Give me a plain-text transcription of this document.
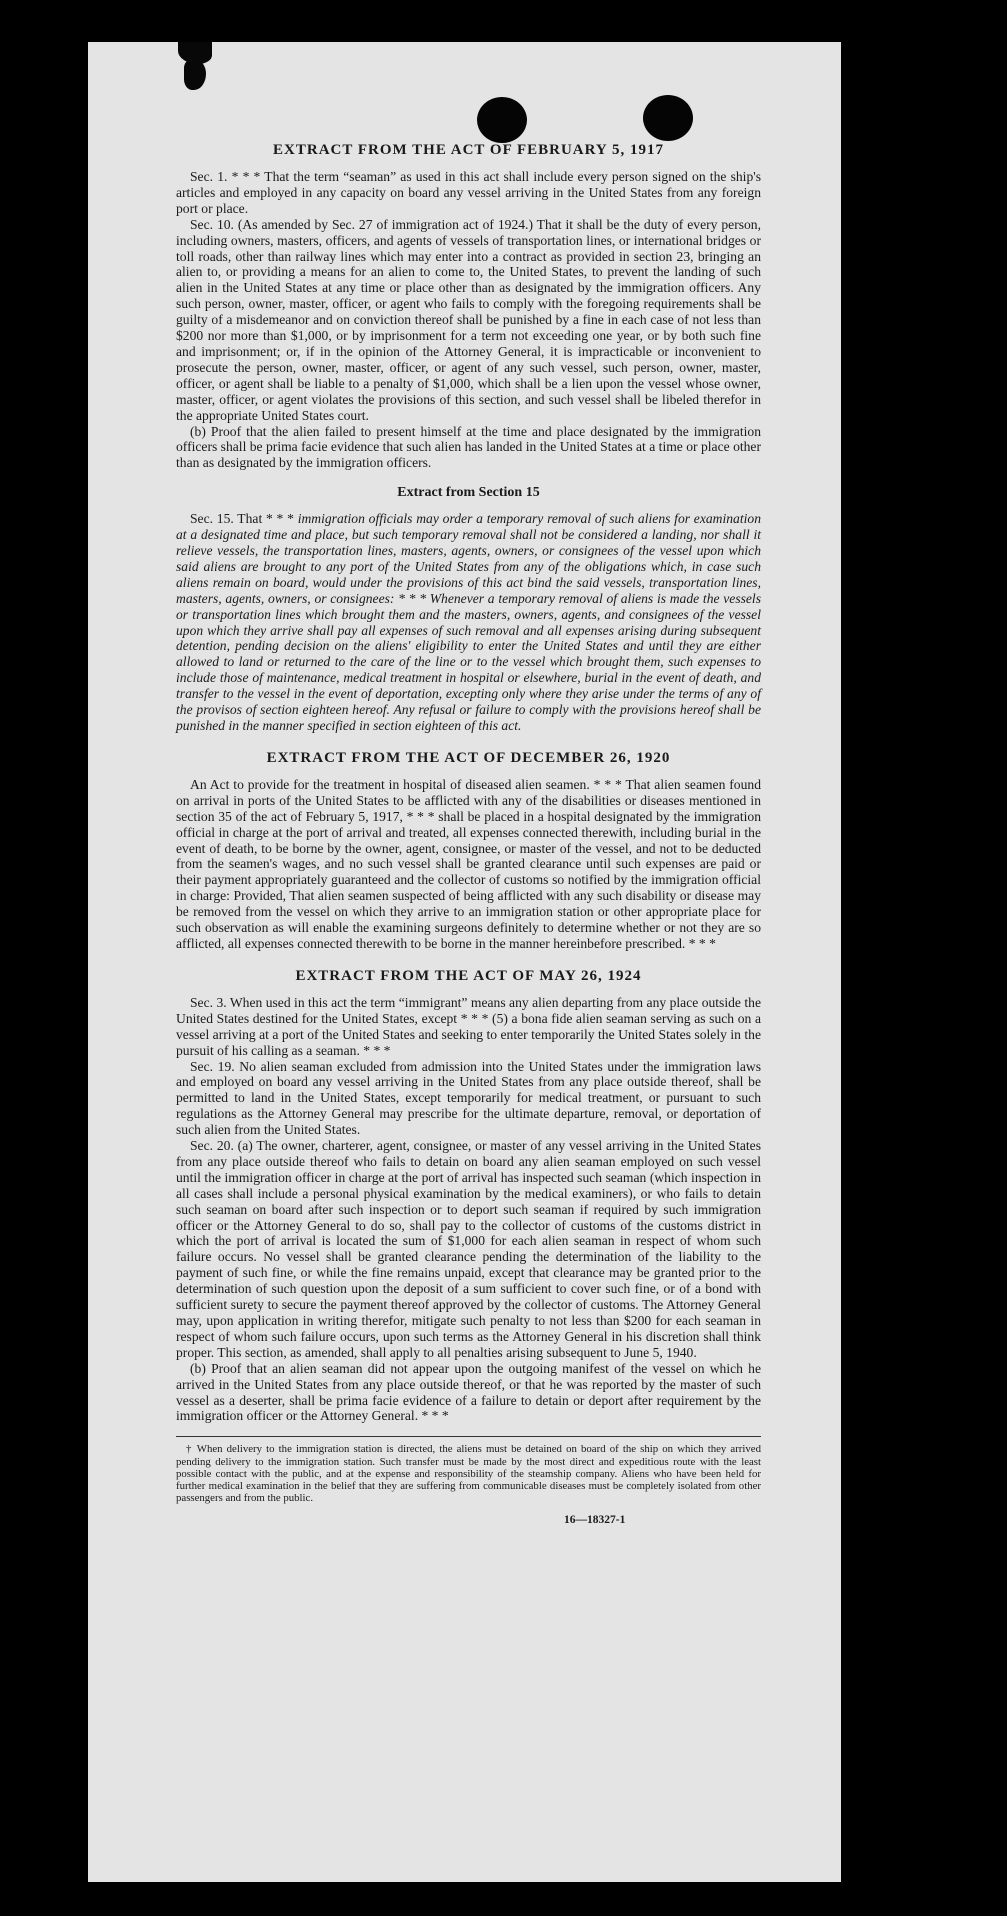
EXTRACT FROM THE ACT OF FEBRUARY 5, 1917

Sec. 1. * * * That the term “seaman” as used in this act shall include every person signed on the ship's articles and employed in any capacity on board any vessel arriving in the United States from any foreign port or place.

Sec. 10. (As amended by Sec. 27 of immigration act of 1924.) That it shall be the duty of every person, including owners, masters, officers, and agents of vessels of transportation lines, or international bridges or toll roads, other than railway lines which may enter into a contract as provided in section 23, bringing an alien to, or providing a means for an alien to come to, the United States, to prevent the landing of such alien in the United States at any time or place other than as designated by the immigration officers. Any such person, owner, master, officer, or agent who fails to comply with the foregoing requirements shall be guilty of a misdemeanor and on conviction thereof shall be punished by a fine in each case of not less than $200 nor more than $1,000, or by imprisonment for a term not exceeding one year, or by both such fine and imprisonment; or, if in the opinion of the Attorney General, it is impracticable or inconvenient to prosecute the person, owner, master, officer, or agent of any such vessel, such person, owner, master, officer, or agent shall be liable to a penalty of $1,000, which shall be a lien upon the vessel whose owner, master, officer, or agent violates the provisions of this section, and such vessel shall be libeled therefor in the appropriate United States court.

(b) Proof that the alien failed to present himself at the time and place designated by the immigration officers shall be prima facie evidence that such alien has landed in the United States at a time or place other than as designated by the immigration officers.

Extract from Section 15

Sec. 15. That * * * immigration officials may order a temporary removal of such aliens for examination at a designated time and place, but such temporary removal shall not be considered a landing, nor shall it relieve vessels, the transportation lines, masters, agents, owners, or consignees of the vessel upon which said aliens are brought to any port of the United States from any of the obligations which, in case such aliens remain on board, would under the provisions of this act bind the said vessels, transportation lines, masters, agents, owners, or consignees: * * * Whenever a temporary removal of aliens is made the vessels or transportation lines which brought them and the masters, owners, agents, and consignees of the vessel upon which they arrive shall pay all expenses of such removal and all expenses arising during subsequent detention, pending decision on the aliens' eligibility to enter the United States and until they are either allowed to land or returned to the care of the line or to the vessel which brought them, such expenses to include those of maintenance, medical treatment in hospital or elsewhere, burial in the event of death, and transfer to the vessel in the event of deportation, excepting only where they arise under the terms of any of the provisos of section eighteen hereof. Any refusal or failure to comply with the provisions hereof shall be punished in the manner specified in section eighteen of this act.

EXTRACT FROM THE ACT OF DECEMBER 26, 1920

An Act to provide for the treatment in hospital of diseased alien seamen. * * * That alien seamen found on arrival in ports of the United States to be afflicted with any of the disabilities or diseases mentioned in section 35 of the act of February 5, 1917, * * * shall be placed in a hospital designated by the immigration official in charge at the port of arrival and treated, all expenses connected therewith, including burial in the event of death, to be borne by the owner, agent, consignee, or master of the vessel, and not to be deducted from the seamen's wages, and no such vessel shall be granted clearance until such expenses are paid or their payment appropriately guaranteed and the collector of customs so notified by the immigration official in charge: Provided, That alien seamen suspected of being afflicted with any such disability or disease may be removed from the vessel on which they arrive to an immigration station or other appropriate place for such observation as will enable the examining surgeons definitely to determine whether or not they are so afflicted, all expenses connected therewith to be borne in the manner hereinbefore prescribed. * * *

EXTRACT FROM THE ACT OF MAY 26, 1924

Sec. 3. When used in this act the term “immigrant” means any alien departing from any place outside the United States destined for the United States, except * * * (5) a bona fide alien seaman serving as such on a vessel arriving at a port of the United States and seeking to enter temporarily the United States solely in the pursuit of his calling as a seaman. * * *

Sec. 19. No alien seaman excluded from admission into the United States under the immigration laws and employed on board any vessel arriving in the United States from any place outside thereof, shall be permitted to land in the United States, except temporarily for medical treatment, or pursuant to such regulations as the Attorney General may prescribe for the ultimate departure, removal, or deportation of such alien from the United States.

Sec. 20. (a) The owner, charterer, agent, consignee, or master of any vessel arriving in the United States from any place outside thereof who fails to detain on board any alien seaman employed on such vessel until the immigration officer in charge at the port of arrival has inspected such seaman (which inspection in all cases shall include a personal physical examination by the medical examiners), or who fails to detain such seaman on board after such inspection or to deport such seaman if required by such immigration officer or the Attorney General to do so, shall pay to the collector of customs of the customs district in which the port of arrival is located the sum of $1,000 for each alien seaman in respect of whom such failure occurs. No vessel shall be granted clearance pending the determination of the liability to the payment of such fine, or while the fine remains unpaid, except that clearance may be granted prior to the determination of such question upon the deposit of a sum sufficient to cover such fine, or of a bond with sufficient surety to secure the payment thereof approved by the collector of customs. The Attorney General may, upon application in writing therefor, mitigate such penalty to not less than $200 for each seaman in respect of whom such failure occurs, upon such terms as the Attorney General in his discretion shall think proper. This section, as amended, shall apply to all penalties arising subsequent to June 5, 1940.

(b) Proof that an alien seaman did not appear upon the outgoing manifest of the vessel on which he arrived in the United States from any place outside thereof, or that he was reported by the master of such vessel as a deserter, shall be prima facie evidence of a failure to detain or deport after requirement by the immigration officer or the Attorney General. * * *

† When delivery to the immigration station is directed, the aliens must be detained on board of the ship on which they arrived pending delivery to the immigration station. Such transfer must be made by the most direct and expeditious route with the least possible contact with the public, and at the expense and responsibility of the steamship company. Aliens who have been held for further medical examination in the belief that they are suffering from communicable diseases must be completely isolated from other passengers and from the public.

16—18327-1
